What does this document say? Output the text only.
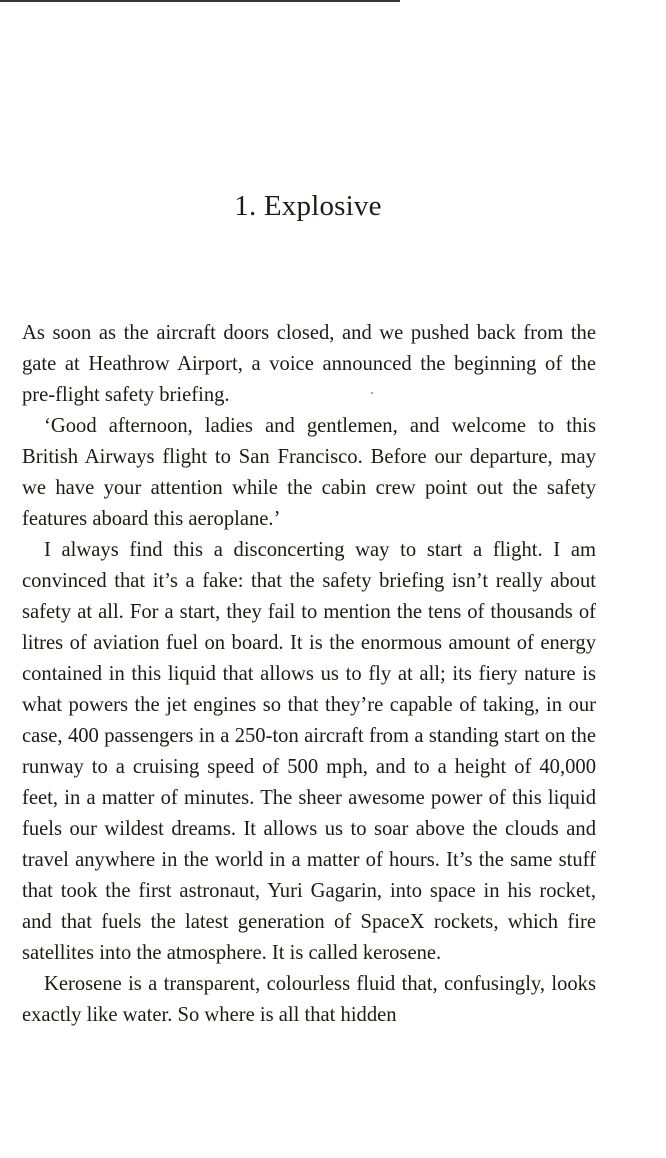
1. Explosive

As soon as the aircraft doors closed, and we pushed back from the gate at Heathrow Airport, a voice announced the beginning of the pre-flight safety briefing.

‘Good afternoon, ladies and gentlemen, and welcome to this British Airways flight to San Francisco. Before our departure, may we have your attention while the cabin crew point out the safety features aboard this aeroplane.’

I always find this a disconcerting way to start a flight. I am convinced that it’s a fake: that the safety briefing isn’t really about safety at all. For a start, they fail to mention the tens of thousands of litres of aviation fuel on board. It is the enormous amount of energy contained in this liquid that allows us to fly at all; its fiery nature is what powers the jet engines so that they’re capable of taking, in our case, 400 passengers in a 250-ton aircraft from a standing start on the runway to a cruising speed of 500 mph, and to a height of 40,000 feet, in a matter of minutes. The sheer awesome power of this liquid fuels our wildest dreams. It allows us to soar above the clouds and travel anywhere in the world in a matter of hours. It’s the same stuff that took the first astronaut, Yuri Gagarin, into space in his rocket, and that fuels the latest generation of SpaceX rockets, which fire satellites into the atmosphere. It is called kerosene.

Kerosene is a transparent, colourless fluid that, confusingly, looks exactly like water. So where is all that hidden
